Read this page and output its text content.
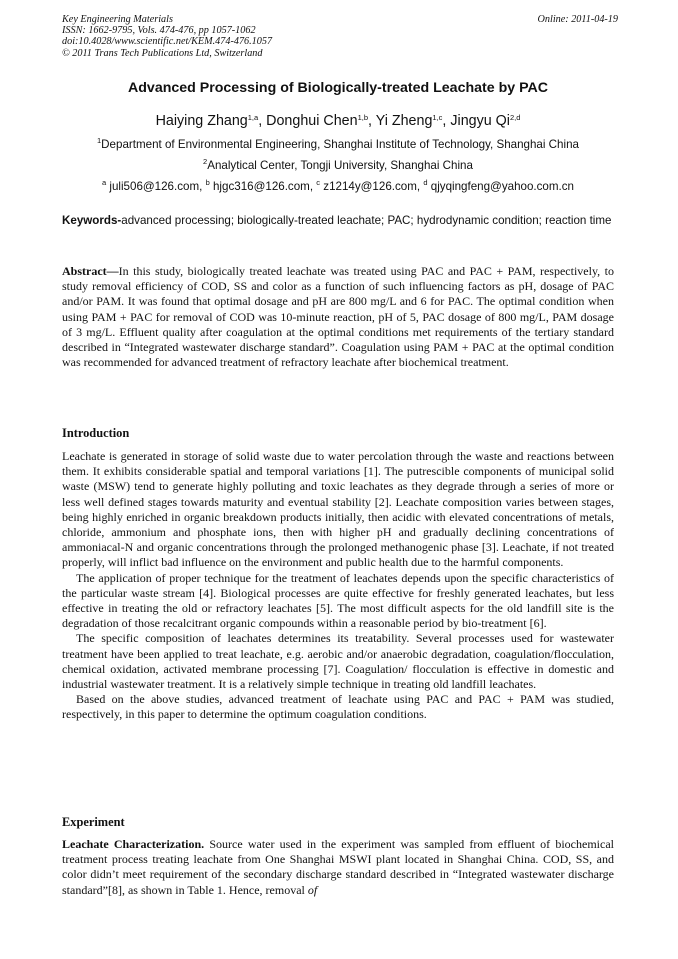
Key Engineering Materials
ISSN: 1662-9795, Vols. 474-476, pp 1057-1062
doi:10.4028/www.scientific.net/KEM.474-476.1057
© 2011 Trans Tech Publications Ltd, Switzerland
Online: 2011-04-19
Advanced Processing of Biologically-treated Leachate by PAC
Haiying Zhang$^{1,a}$, Donghui Chen$^{1,b}$, Yi Zheng$^{1,c}$, Jingyu Qi$^{2,d}$
$^1$Department of Environmental Engineering, Shanghai Institute of Technology, Shanghai China
$^2$Analytical Center, Tongji University, Shanghai China
$^a$ juli506@126.com, $^b$ hjgc316@126.com, $^c$ z1214y@126.com, $^d$ qjyqingfeng@yahoo.com.cn
Keywords-advanced processing; biologically-treated leachate; PAC; hydrodynamic condition; reaction time

Abstract—In this study, biologically treated leachate was treated using PAC and PAC + PAM, respectively, to study removal efficiency of COD, SS and color as a function of such influencing factors as pH, dosage of PAC and/or PAM. It was found that optimal dosage and pH are 800 mg/L and 6 for PAC. The optimal condition when using PAM + PAC for removal of COD was 10-minute reaction, pH of 5, PAC dosage of 800 mg/L, PAM dosage of 3 mg/L. Effluent quality after coagulation at the optimal conditions met requirements of the tertiary standard described in “Integrated wastewater discharge standard”. Coagulation using PAM + PAC at the optimal condition was recommended for advanced treatment of refractory leachate after biochemical treatment.

Introduction

Leachate is generated in storage of solid waste due to water percolation through the waste and reactions between them. It exhibits considerable spatial and temporal variations [1]. The putrescible components of municipal solid waste (MSW) tend to generate highly polluting and toxic leachates as they degrade through a series of more or less well defined stages towards maturity and eventual stability [2]. Leachate composition varies between stages, being highly enriched in organic breakdown products initially, then acidic with elevated concentrations of metals, chloride, ammonium and phosphate ions, then with higher pH and gradually declining concentrations of ammoniacal-N and organic concentrations through the prolonged methanogenic phase [3]. Leachate, if not treated properly, will inflict bad influence on the environment and public health due to the harmful components.

The application of proper technique for the treatment of leachates depends upon the specific characteristics of the particular waste stream [4]. Biological processes are quite effective for freshly generated leachates, but less effective in treating the old or refractory leachates [5]. The most difficult aspects for the old landfill site is the degradation of those recalcitrant organic compounds within a reasonable period by bio-treatment [6].

The specific composition of leachates determines its treatability. Several processes used for wastewater treatment have been applied to treat leachate, e.g. aerobic and/or anaerobic degradation, coagulation/flocculation, chemical oxidation, activated membrane processing [7]. Coagulation/ flocculation is effective in domestic and industrial wastewater treatment. It is a relatively simple technique in treating old landfill leachates.

Based on the above studies, advanced treatment of leachate using PAC and PAC + PAM was studied, respectively, in this paper to determine the optimum coagulation conditions.

Experiment

Leachate Characterization. Source water used in the experiment was sampled from effluent of biochemical treatment process treating leachate from One Shanghai MSWI plant located in Shanghai China. COD, SS, and color didn’t meet requirement of the secondary discharge standard described in “Integrated wastewater discharge standard”[8], as shown in Table 1. Hence, removal of
